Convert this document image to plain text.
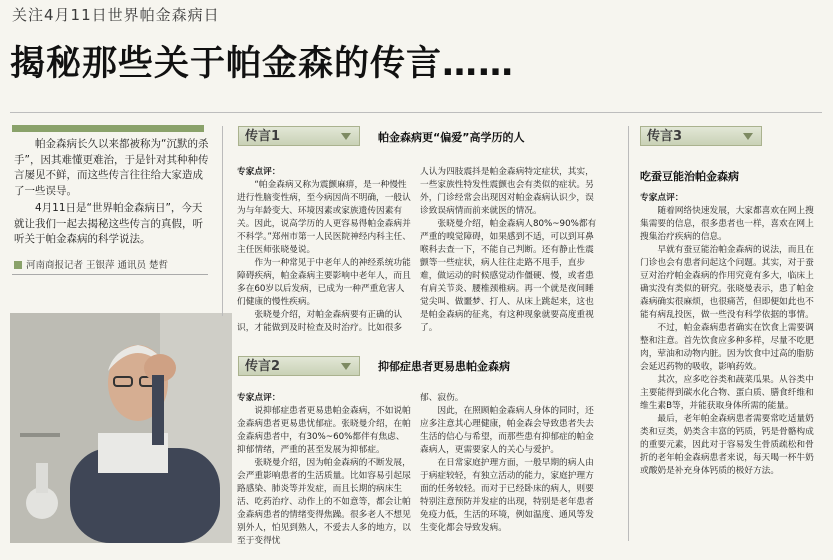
关注4月11日世界帕金森病日
揭秘那些关于帕金森的传言……

帕金森病长久以来都被称为“沉默的杀手”，因其难懂更难治，于是针对其种种传言屡见不鲜，而这些传言往往给大家造成了一些误导。

4月11日是“世界帕金森病日”，今天就让我们一起去揭秘这些传言的真假，听听关于帕金森病的科学说法。

河南商报记者 王银萍 通讯员 楚哲
传言1	帕金森病更“偏爱”高学历的人

专家点评：

“帕金森病又称为震颤麻痹，是一种慢性进行性脑变性病，至今病因尚不明确，一般认为与年龄变大、环境因素或家族遗传因素有关。因此，说高学历的人更容易得帕金森病并不科学。”郑州市第一人民医院神经内科主任、主任医师张晓曼说。

作为一种常见于中老年人的神经系统功能障碍疾病，帕金森病主要影响中老年人，而且多在60岁以后发病，已成为一种严重危害人们健康的慢性疾病。

张晓曼介绍，对帕金森病要有正确的认识，才能做到及时检查及时治疗。比如很多

人认为四肢震抖是帕金森病特定症状，其实，一些家族性特发性震颤也会有类似的症状。另外，门诊经常会出现因对帕金森病认识少，误诊致误病情而前来就医的情况。

张晓曼介绍，帕金森病人80%~90%都有严重的嗅觉障碍，如果感到不适，可以到耳鼻喉科去查一下，不能自己判断。还有静止性震颤等一些症状，病人往往走路不甩手，直步难，做运动的时候感觉动作僵硬、慢，或者患有肩关节炎、腰椎颈椎病。再一个就是夜间睡觉尖叫、做噩梦、打人、从床上跳起来，这也是帕金森病的征兆，有这种现象就要高度重视了。

传言2	抑郁症患者更易患帕金森病

专家点评：

说抑郁症患者更易患帕金森病，不如说帕金森病患者更易患忧郁症。张晓曼介绍，在帕金森病患者中，有30%~60%都伴有焦虑、抑郁情绪，严重的甚至发展为抑郁症。

张晓曼介绍，因为帕金森病的不断发展，会严重影响患者的生活质量。比如容易引起尿路感染、肺炎等并发症，而且长期的病床生活、吃药治疗、动作上的不如意等，都会让帕金森病患者的情绪变得焦躁。很多老人不想见别外人，怕见到熟人，不爱去人多的地方，以至于变得忧

郁、寂伤。

因此，在照顾帕金森病人身体的同时，还应多注意其心理健康，帕金森会导致患者失去生活的信心与希望，而那些患有抑郁症的帕金森病人，更需要家人的关心与爱护。

在日常家庭护理方面，一般早期的病人由于病症较轻，有独立活动的能力，家庭护理方面的任务较轻。而对于已经卧床的病人，则要特别注意预防并发症的出现，特别是老年患者免疫力低，生活的环境，例如温度、通风等发生变化都会导致发病。

传言3
吃蚕豆能治帕金森病

专家点评：

随着网络快速发展，大家都喜欢在网上搜集需要的信息，很多患者也一样，喜欢在网上搜集治疗疾病的信息。

早就有蚕豆能治帕金森病的说法，而且在门诊也会有患者问起这个问题。其实，对于蚕豆对治疗帕金森病的作用究竟有多大，临床上确实没有类似的研究。张晓曼表示，患了帕金森病确实很麻烦，也很痛苦，但即便如此也不能有病乱投医，做一些没有科学依据的事情。

不过，帕金森病患者确实在饮食上需要调整和注意。首先饮食应多种多样，尽量不吃肥肉，荤油和动物内脏。因为饮食中过高的脂肪会延迟药物的吸收，影响药效。

其次，应多吃谷类和蔬菜瓜果。从谷类中主要能得到碳水化合物、蛋白质、膳食纤维和维生素B等，并能获取身体所需的能量。

最后，老年帕金森病患者需要常吃适量奶类和豆类，奶类含丰富的钙质，钙是骨骼构成的重要元素，因此对于容易发生骨质疏松和骨折的老年帕金森病患者来说，每天喝一杯牛奶或酸奶是补充身体钙质的极好方法。
